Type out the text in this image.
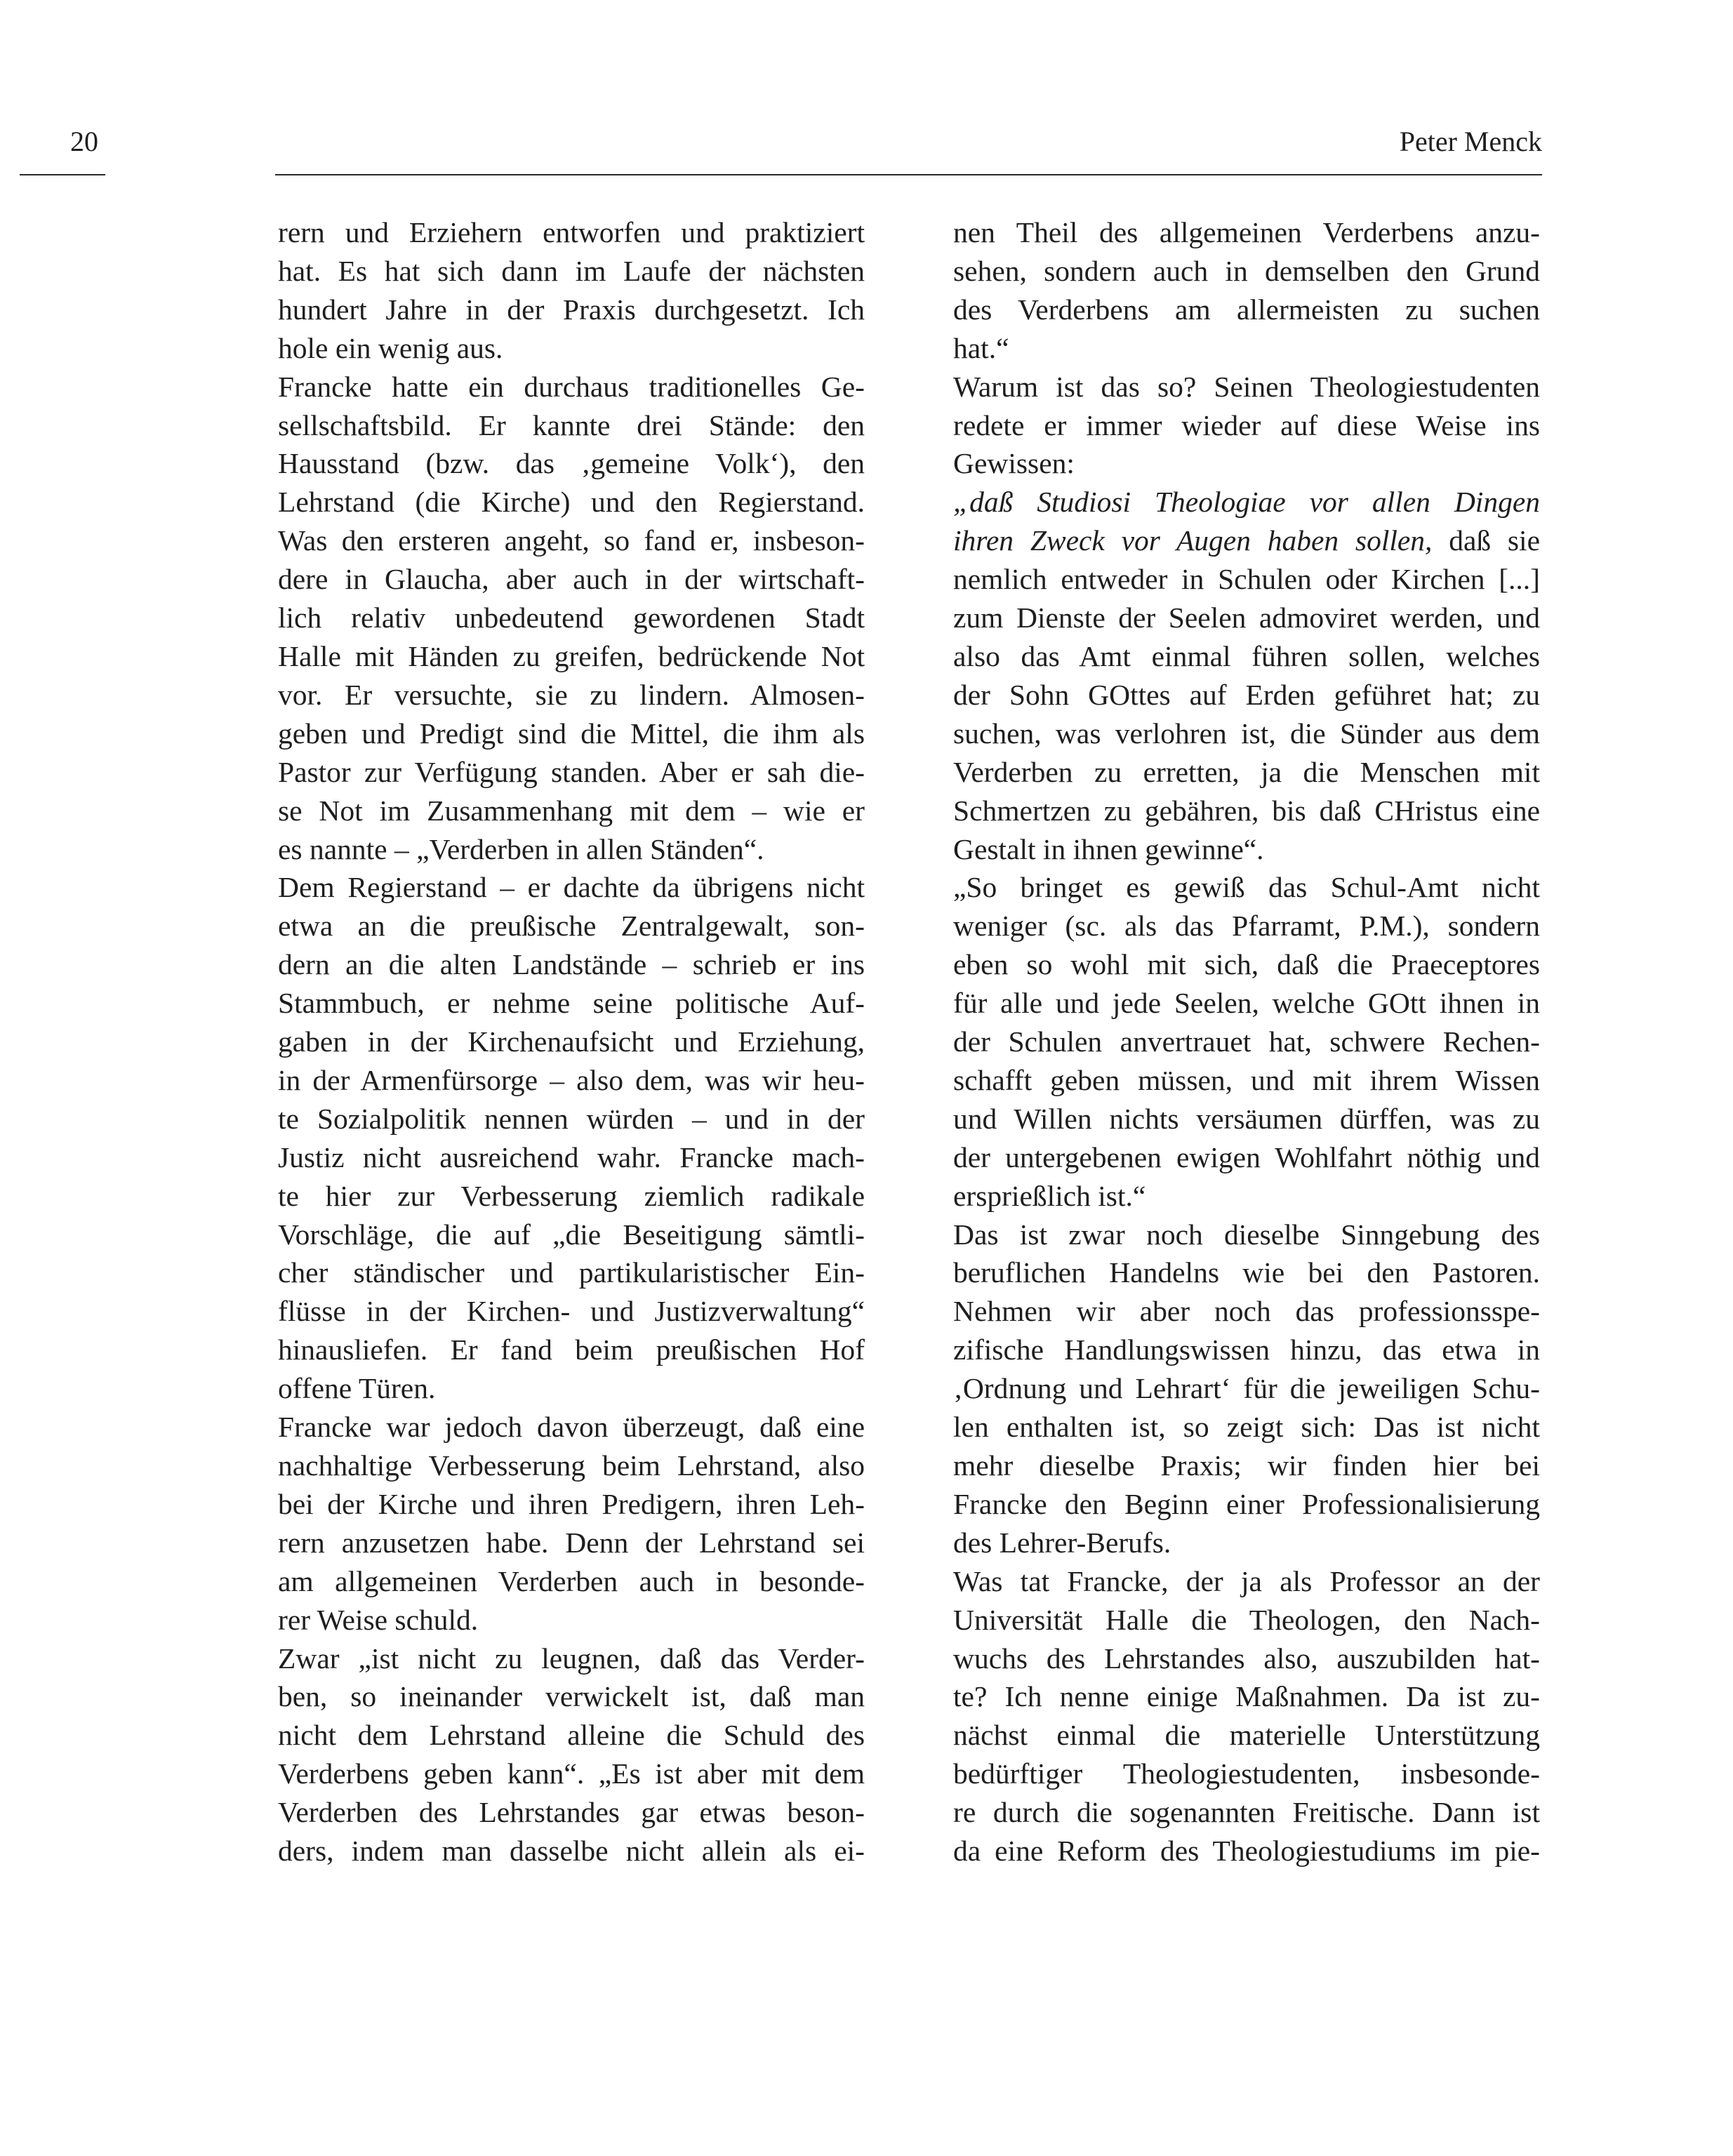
20	Peter Menck
rern und Erziehern entworfen und praktiziert
hat. Es hat sich dann im Laufe der nächsten
hundert Jahre in der Praxis durchgesetzt. Ich
hole ein wenig aus.
Francke hatte ein durchaus traditionelles Ge-
sellschaftsbild. Er kannte drei Stände: den
Hausstand (bzw. das ‚gemeine Volk‘), den
Lehrstand (die Kirche) und den Regierstand.
Was den ersteren angeht, so fand er, insbeson-
dere in Glaucha, aber auch in der wirtschaft-
lich relativ unbedeutend gewordenen Stadt
Halle mit Händen zu greifen, bedrückende Not
vor. Er versuchte, sie zu lindern. Almosen-
geben und Predigt sind die Mittel, die ihm als
Pastor zur Verfügung standen. Aber er sah die-
se Not im Zusammenhang mit dem – wie er
es nannte – „Verderben in allen Ständen“.
Dem Regierstand – er dachte da übrigens nicht
etwa an die preußische Zentralgewalt, son-
dern an die alten Landstände – schrieb er ins
Stammbuch, er nehme seine politische Auf-
gaben in der Kirchenaufsicht und Erziehung,
in der Armenfürsorge – also dem, was wir heu-
te Sozialpolitik nennen würden – und in der
Justiz nicht ausreichend wahr. Francke mach-
te hier zur Verbesserung ziemlich radikale
Vorschläge, die auf „die Beseitigung sämtli-
cher ständischer und partikularistischer Ein-
flüsse in der Kirchen- und Justizverwaltung“
hinausliefen. Er fand beim preußischen Hof
offene Türen.
Francke war jedoch davon überzeugt, daß eine
nachhaltige Verbesserung beim Lehrstand, also
bei der Kirche und ihren Predigern, ihren Leh-
rern anzusetzen habe. Denn der Lehrstand sei
am allgemeinen Verderben auch in besonde-
rer Weise schuld.
Zwar „ist nicht zu leugnen, daß das Verder-
ben, so ineinander verwickelt ist, daß man
nicht dem Lehrstand alleine die Schuld des
Verderbens geben kann“. „Es ist aber mit dem
Verderben des Lehrstandes gar etwas beson-
ders, indem man dasselbe nicht allein als ei-
nen Theil des allgemeinen Verderbens anzu-
sehen, sondern auch in demselben den Grund
des Verderbens am allermeisten zu suchen
hat.“
Warum ist das so? Seinen Theologiestudenten
redete er immer wieder auf diese Weise ins
Gewissen:
„daß Studiosi Theologiae vor allen Dingen
ihren Zweck vor Augen haben sollen, daß sie
nemlich entweder in Schulen oder Kirchen [...]
zum Dienste der Seelen admoviret werden, und
also das Amt einmal führen sollen, welches
der Sohn GOttes auf Erden geführet hat; zu
suchen, was verlohren ist, die Sünder aus dem
Verderben zu erretten, ja die Menschen mit
Schmertzen zu gebähren, bis daß CHristus eine
Gestalt in ihnen gewinne“.
„So bringet es gewiß das Schul-Amt nicht
weniger (sc. als das Pfarramt, P.M.), sondern
eben so wohl mit sich, daß die Praeceptores
für alle und jede Seelen, welche GOtt ihnen in
der Schulen anvertrauet hat, schwere Rechen-
schafft geben müssen, und mit ihrem Wissen
und Willen nichts versäumen dürffen, was zu
der untergebenen ewigen Wohlfahrt nöthig und
ersprießlich ist.“
Das ist zwar noch dieselbe Sinngebung des
beruflichen Handelns wie bei den Pastoren.
Nehmen wir aber noch das professionsspe-
zifische Handlungswissen hinzu, das etwa in
‚Ordnung und Lehrart‘ für die jeweiligen Schu-
len enthalten ist, so zeigt sich: Das ist nicht
mehr dieselbe Praxis; wir finden hier bei
Francke den Beginn einer Professionalisierung
des Lehrer-Berufs.
Was tat Francke, der ja als Professor an der
Universität Halle die Theologen, den Nach-
wuchs des Lehrstandes also, auszubilden hat-
te? Ich nenne einige Maßnahmen. Da ist zu-
nächst einmal die materielle Unterstützung
bedürftiger Theologiestudenten, insbesonde-
re durch die sogenannten Freitische. Dann ist
da eine Reform des Theologiestudiums im pie-
